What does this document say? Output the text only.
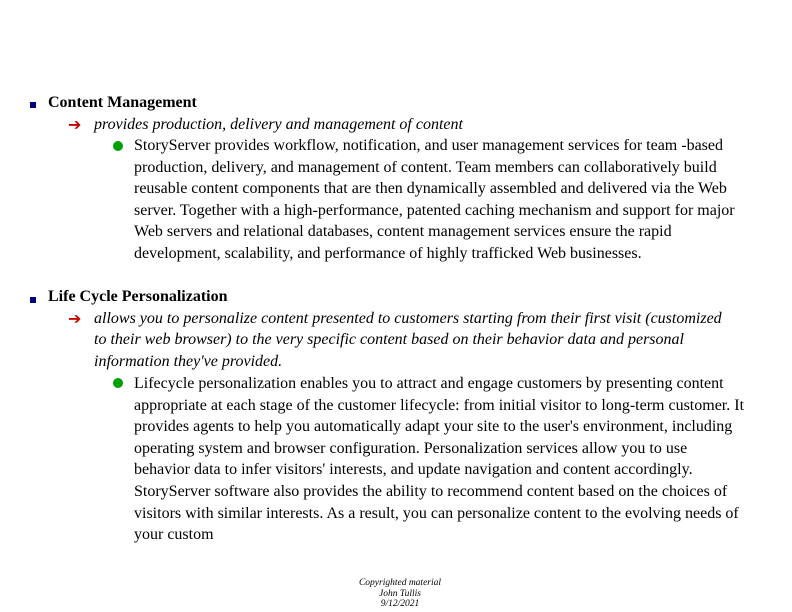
Content Management
➔ provides production, delivery and management of content
StoryServer provides workflow, notification, and user management services for team -based production, delivery, and management of content. Team members can collaboratively build reusable content components that are then dynamically assembled and delivered via the Web server. Together with a high-performance, patented caching mechanism and support for major Web servers and relational databases, content management services ensure the rapid development, scalability, and performance of highly trafficked Web businesses.
Life Cycle Personalization
➔ allows you to personalize content presented to customers starting from their first visit (customized to their web browser) to the very specific content based on their behavior data and personal information they've provided.
Lifecycle personalization enables you to attract and engage customers by presenting content appropriate at each stage of the customer lifecycle: from initial visitor to long-term customer. It provides agents to help you automatically adapt your site to the user's environment, including operating system and browser configuration. Personalization services allow you to use behavior data to infer visitors' interests, and update navigation and content accordingly. StoryServer software also provides the ability to recommend content based on the choices of visitors with similar interests. As a result, you can personalize content to the evolving needs of your custom
Copyrighted material
John Tullis
9/12/2021
